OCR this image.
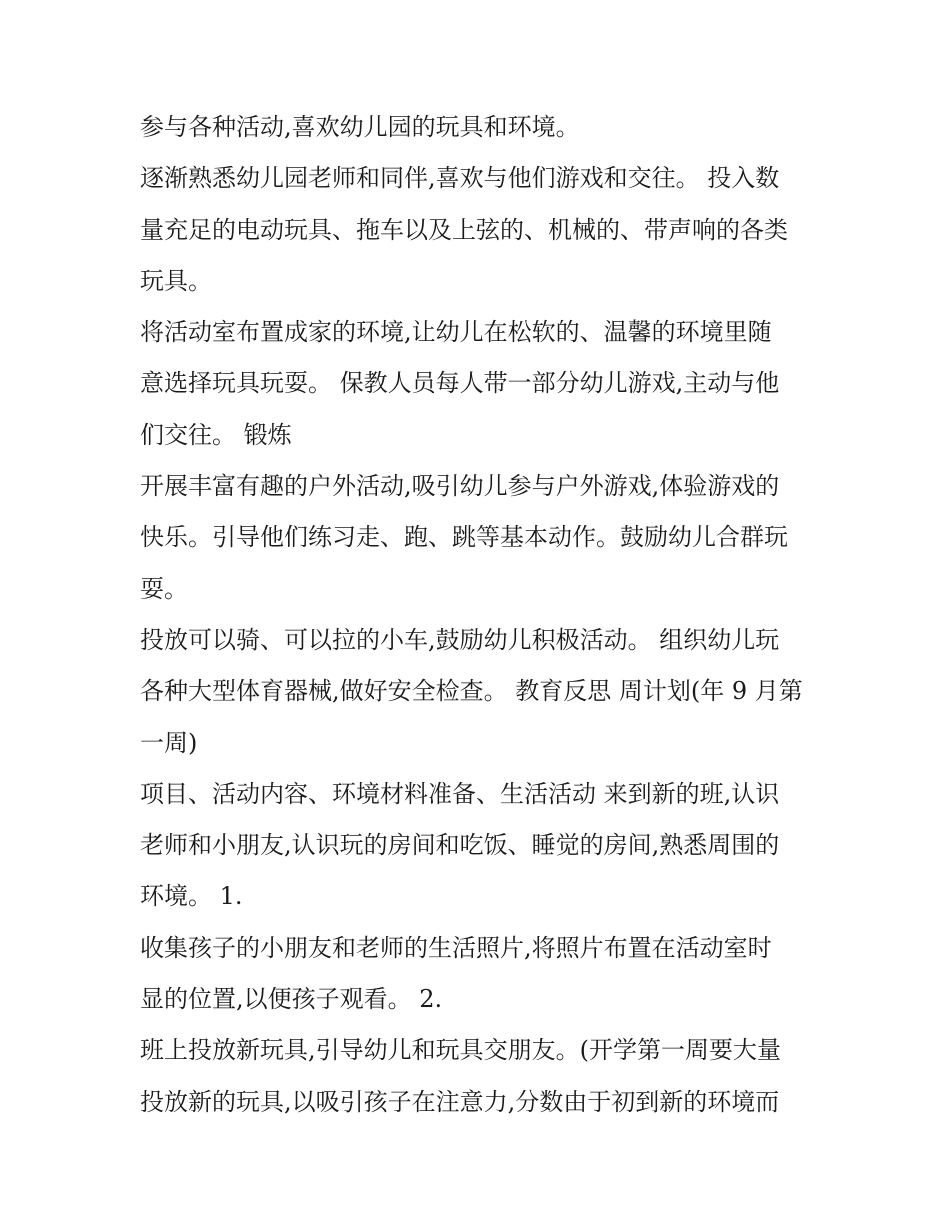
参与各种活动,喜欢幼儿园的玩具和环境。
逐渐熟悉幼儿园老师和同伴,喜欢与他们游戏和交往。 投入数
量充足的电动玩具、拖车以及上弦的、机械的、带声响的各类
玩具。
将活动室布置成家的环境,让幼儿在松软的、温馨的环境里随
意选择玩具玩耍。 保教人员每人带一部分幼儿游戏,主动与他
们交往。 锻炼
开展丰富有趣的户外活动,吸引幼儿参与户外游戏,体验游戏的
快乐。引导他们练习走、跑、跳等基本动作。鼓励幼儿合群玩
耍。
投放可以骑、可以拉的小车,鼓励幼儿积极活动。 组织幼儿玩
各种大型体育器械,做好安全检查。 教育反思 周计划(年 9 月第
一周)
项目、活动内容、环境材料准备、生活活动 来到新的班,认识
老师和小朋友,认识玩的房间和吃饭、睡觉的房间,熟悉周围的
环境。 1.
收集孩子的小朋友和老师的生活照片,将照片布置在活动室时
显的位置,以便孩子观看。 2.
班上投放新玩具,引导幼儿和玩具交朋友。(开学第一周要大量
投放新的玩具,以吸引孩子在注意力,分数由于初到新的环境而
